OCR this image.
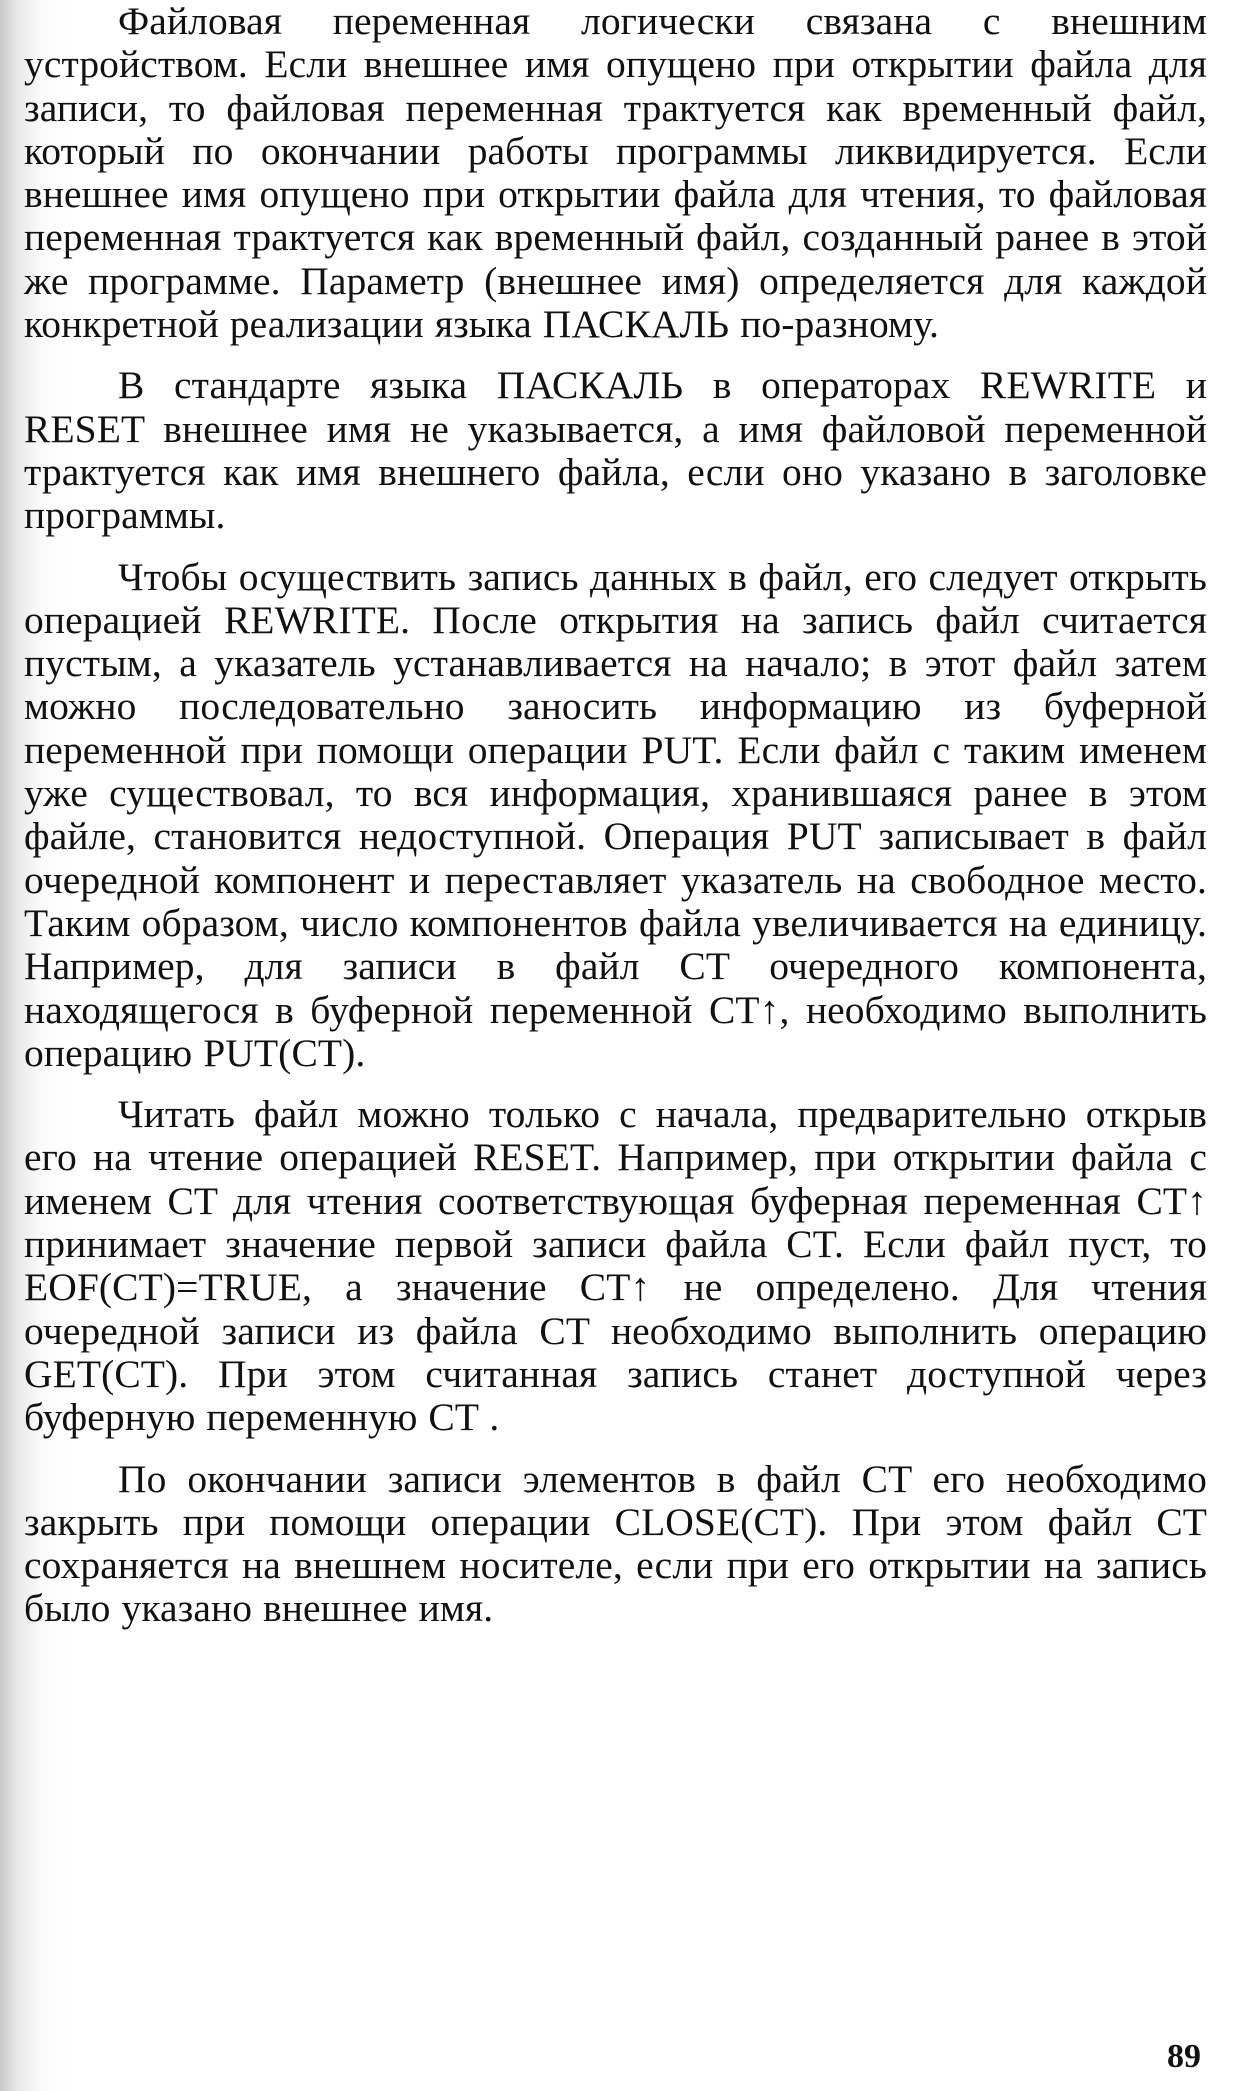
Файловая переменная логически связана с внешним устройством. Если внешнее имя опущено при открытии файла для записи, то файловая переменная трактуется как временный файл, который по окончании работы программы ликвидируется. Если внешнее имя опущено при открытии файла для чтения, то файловая переменная трактуется как временный файл, созданный ранее в этой же программе. Параметр (внешнее имя) определяется для каждой конкретной реализации языка ПАСКАЛЬ по-разному.

В стандарте языка ПАСКАЛЬ в операторах REWRITE и RESET внешнее имя не указывается, а имя файловой переменной трактуется как имя внешнего файла, если оно указано в заголовке программы.

Чтобы осуществить запись данных в файл, его следует открыть операцией REWRITE. После открытия на запись файл считается пустым, а указатель устанавливается на начало; в этот файл затем можно последовательно заносить информацию из буферной переменной при помощи операции PUT. Если файл с таким именем уже существовал, то вся информация, хранившаяся ранее в этом файле, становится недоступной. Операция PUT записывает в файл очередной компонент и переставляет указатель на свободное место. Таким образом, число компонентов файла увеличивается на единицу. Например, для записи в файл CT очередного компонента, находящегося в буферной переменной CT↑, необходимо выполнить операцию PUT(CT).

Читать файл можно только с начала, предварительно открыв его на чтение операцией RESET. Например, при открытии файла с именем CT для чтения соответствующая буферная переменная CT↑ принимает значение первой записи файла CT. Если файл пуст, то EOF(CT)=TRUE, а значение CT↑ не определено. Для чтения очередной записи из файла CT необходимо выполнить операцию GET(CT). При этом считанная запись станет доступной через буферную переменную CT .

По окончании записи элементов в файл CT его необходимо закрыть при помощи операции CLOSE(CT). При этом файл CT сохраняется на внешнем носителе, если при его открытии на запись было указано внешнее имя.

89
